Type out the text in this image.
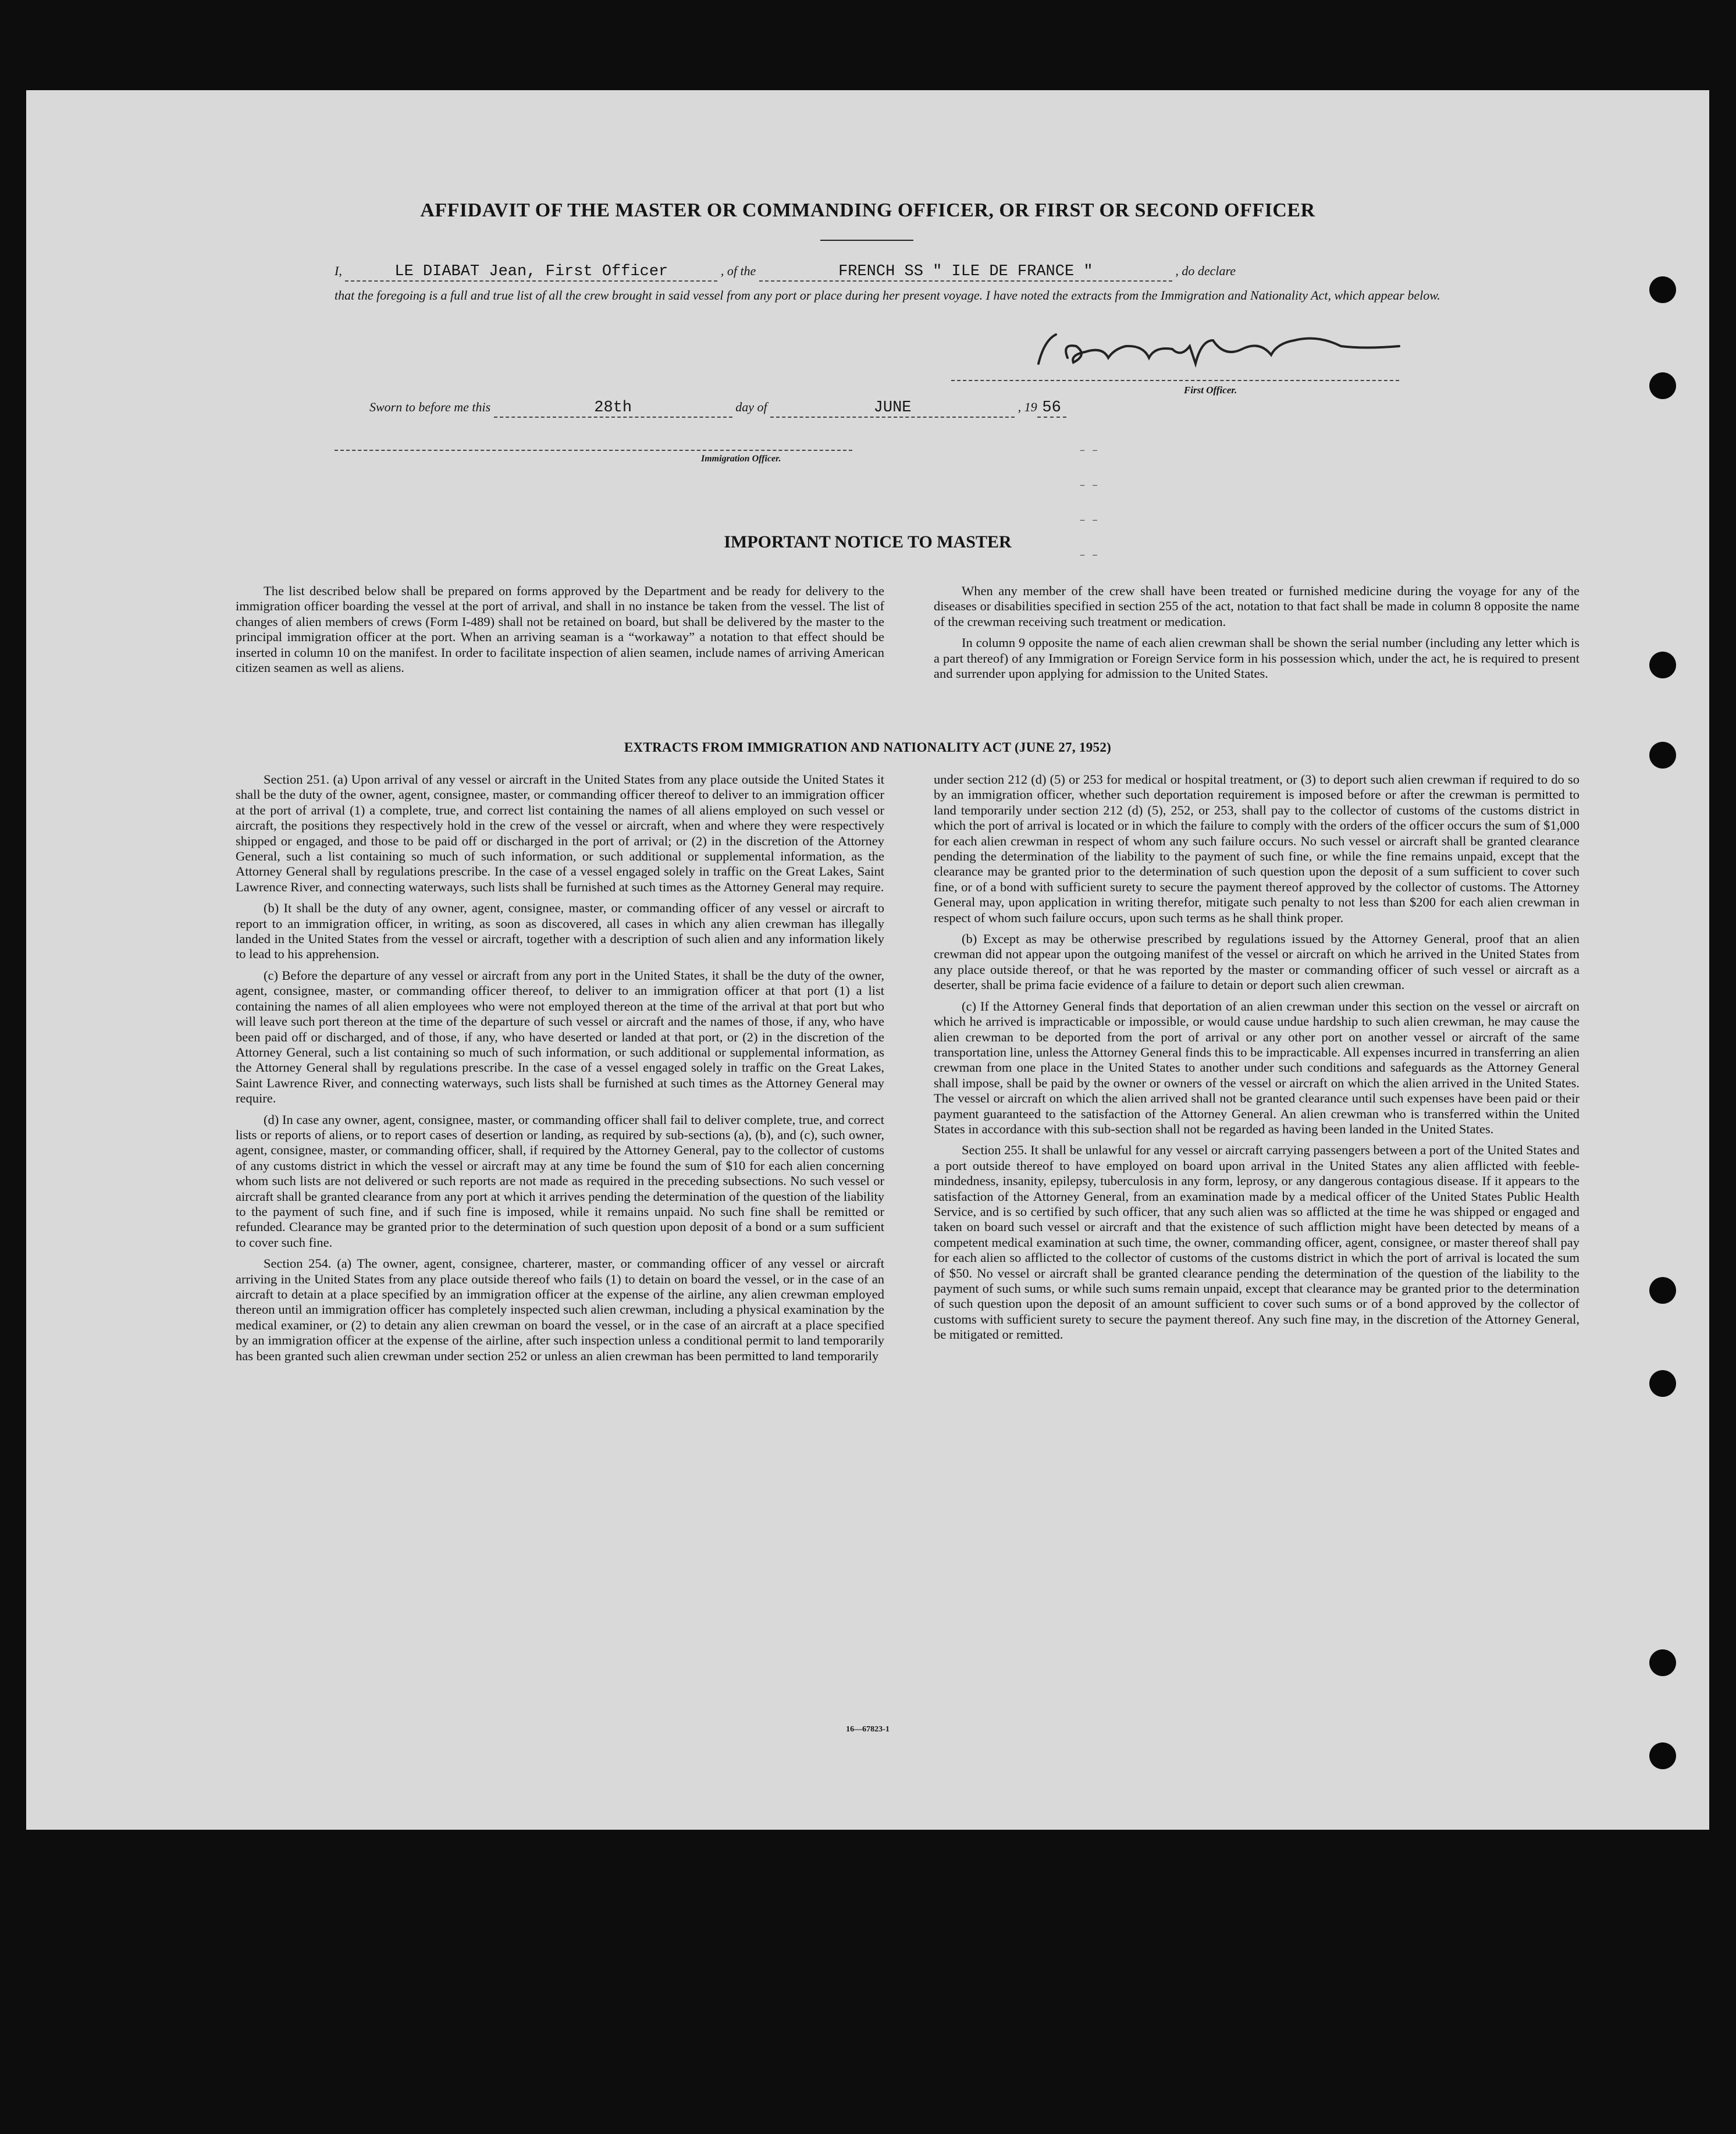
AFFIDAVIT OF THE MASTER OR COMMANDING OFFICER, OR FIRST OR SECOND OFFICER
I,	LE DIABAT Jean, First Officer	, of the	FRENCH SS " ILE DE FRANCE "	, do declare
that the foregoing is a full and true list of all the crew brought in said vessel from any port or place during her present voyage. I have noted the extracts from the Immigration and Nationality Act, which appear below.
First Officer.
Sworn to before me this	28th	day of	JUNE	, 19 56
Immigration Officer.
IMPORTANT NOTICE TO MASTER

The list described below shall be prepared on forms approved by the Department and be ready for delivery to the immigration officer boarding the vessel at the port of arrival, and shall in no instance be taken from the vessel. The list of changes of alien members of crews (Form I-489) shall not be retained on board, but shall be delivered by the master to the principal immigration officer at the port. When an arriving seaman is a “workaway” a notation to that effect should be inserted in column 10 on the manifest. In order to facilitate inspection of alien seamen, include names of arriving American citizen seamen as well as aliens.

When any member of the crew shall have been treated or furnished medicine during the voyage for any of the diseases or disabilities specified in section 255 of the act, notation to that fact shall be made in column 8 opposite the name of the crewman receiving such treatment or medication.

In column 9 opposite the name of each alien crewman shall be shown the serial number (including any letter which is a part thereof) of any Immigration or Foreign Service form in his possession which, under the act, he is required to present and surrender upon applying for admission to the United States.

EXTRACTS FROM IMMIGRATION AND NATIONALITY ACT (JUNE 27, 1952)

Section 251. (a) Upon arrival of any vessel or aircraft in the United States from any place outside the United States it shall be the duty of the owner, agent, consignee, master, or commanding officer thereof to deliver to an immigration officer at the port of arrival (1) a complete, true, and correct list containing the names of all aliens employed on such vessel or aircraft, the positions they respectively hold in the crew of the vessel or aircraft, when and where they were respectively shipped or engaged, and those to be paid off or discharged in the port of arrival; or (2) in the discretion of the Attorney General, such a list containing so much of such information, or such additional or supplemental information, as the Attorney General shall by regulations prescribe. In the case of a vessel engaged solely in traffic on the Great Lakes, Saint Lawrence River, and connecting waterways, such lists shall be furnished at such times as the Attorney General may require.

(b) It shall be the duty of any owner, agent, consignee, master, or commanding officer of any vessel or aircraft to report to an immigration officer, in writing, as soon as discovered, all cases in which any alien crewman has illegally landed in the United States from the vessel or aircraft, together with a description of such alien and any information likely to lead to his apprehension.

(c) Before the departure of any vessel or aircraft from any port in the United States, it shall be the duty of the owner, agent, consignee, master, or commanding officer thereof, to deliver to an immigration officer at that port (1) a list containing the names of all alien employees who were not employed thereon at the time of the arrival at that port but who will leave such port thereon at the time of the departure of such vessel or aircraft and the names of those, if any, who have been paid off or discharged, and of those, if any, who have deserted or landed at that port, or (2) in the discretion of the Attorney General, such a list containing so much of such information, or such additional or supplemental information, as the Attorney General shall by regulations prescribe. In the case of a vessel engaged solely in traffic on the Great Lakes, Saint Lawrence River, and connecting waterways, such lists shall be furnished at such times as the Attorney General may require.

(d) In case any owner, agent, consignee, master, or commanding officer shall fail to deliver complete, true, and correct lists or reports of aliens, or to report cases of desertion or landing, as required by sub-sections (a), (b), and (c), such owner, agent, consignee, master, or commanding officer, shall, if required by the Attorney General, pay to the collector of customs of any customs district in which the vessel or aircraft may at any time be found the sum of $10 for each alien concerning whom such lists are not delivered or such reports are not made as required in the preceding subsections. No such vessel or aircraft shall be granted clearance from any port at which it arrives pending the determination of the question of the liability to the payment of such fine, and if such fine is imposed, while it remains unpaid. No such fine shall be remitted or refunded. Clearance may be granted prior to the determination of such question upon deposit of a bond or a sum sufficient to cover such fine.

Section 254. (a) The owner, agent, consignee, charterer, master, or commanding officer of any vessel or aircraft arriving in the United States from any place outside thereof who fails (1) to detain on board the vessel, or in the case of an aircraft to detain at a place specified by an immigration officer at the expense of the airline, any alien crewman employed thereon until an immigration officer has completely inspected such alien crewman, including a physical examination by the medical examiner, or (2) to detain any alien crewman on board the vessel, or in the case of an aircraft at a place specified by an immigration officer at the expense of the airline, after such inspection unless a conditional permit to land temporarily has been granted such alien crewman under section 252 or unless an alien crewman has been permitted to land temporarily

under section 212 (d) (5) or 253 for medical or hospital treatment, or (3) to deport such alien crewman if required to do so by an immigration officer, whether such deportation requirement is imposed before or after the crewman is permitted to land temporarily under section 212 (d) (5), 252, or 253, shall pay to the collector of customs of the customs district in which the port of arrival is located or in which the failure to comply with the orders of the officer occurs the sum of $1,000 for each alien crewman in respect of whom any such failure occurs. No such vessel or aircraft shall be granted clearance pending the determination of the liability to the payment of such fine, or while the fine remains unpaid, except that the clearance may be granted prior to the determination of such question upon the deposit of a sum sufficient to cover such fine, or of a bond with sufficient surety to secure the payment thereof approved by the collector of customs. The Attorney General may, upon application in writing therefor, mitigate such penalty to not less than $200 for each alien crewman in respect of whom such failure occurs, upon such terms as he shall think proper.

(b) Except as may be otherwise prescribed by regulations issued by the Attorney General, proof that an alien crewman did not appear upon the outgoing manifest of the vessel or aircraft on which he arrived in the United States from any place outside thereof, or that he was reported by the master or commanding officer of such vessel or aircraft as a deserter, shall be prima facie evidence of a failure to detain or deport such alien crewman.

(c) If the Attorney General finds that deportation of an alien crewman under this section on the vessel or aircraft on which he arrived is impracticable or impossible, or would cause undue hardship to such alien crewman, he may cause the alien crewman to be deported from the port of arrival or any other port on another vessel or aircraft of the same transportation line, unless the Attorney General finds this to be impracticable. All expenses incurred in transferring an alien crewman from one place in the United States to another under such conditions and safeguards as the Attorney General shall impose, shall be paid by the owner or owners of the vessel or aircraft on which the alien arrived in the United States. The vessel or aircraft on which the alien arrived shall not be granted clearance until such expenses have been paid or their payment guaranteed to the satisfaction of the Attorney General. An alien crewman who is transferred within the United States in accordance with this sub-section shall not be regarded as having been landed in the United States.

Section 255. It shall be unlawful for any vessel or aircraft carrying passengers between a port of the United States and a port outside thereof to have employed on board upon arrival in the United States any alien afflicted with feeble-mindedness, insanity, epilepsy, tuberculosis in any form, leprosy, or any dangerous contagious disease. If it appears to the satisfaction of the Attorney General, from an examination made by a medical officer of the United States Public Health Service, and is so certified by such officer, that any such alien was so afflicted at the time he was shipped or engaged and taken on board such vessel or aircraft and that the existence of such affliction might have been detected by means of a competent medical examination at such time, the owner, commanding officer, agent, consignee, or master thereof shall pay for each alien so afflicted to the collector of customs of the customs district in which the port of arrival is located the sum of $50. No vessel or aircraft shall be granted clearance pending the determination of the question of the liability to the payment of such sums, or while such sums remain unpaid, except that clearance may be granted prior to the determination of such question upon the deposit of an amount sufficient to cover such sums or of a bond approved by the collector of customs with sufficient surety to secure the payment thereof. Any such fine may, in the discretion of the Attorney General, be mitigated or remitted.

16—67823-1
– –
– –
– –
– –
